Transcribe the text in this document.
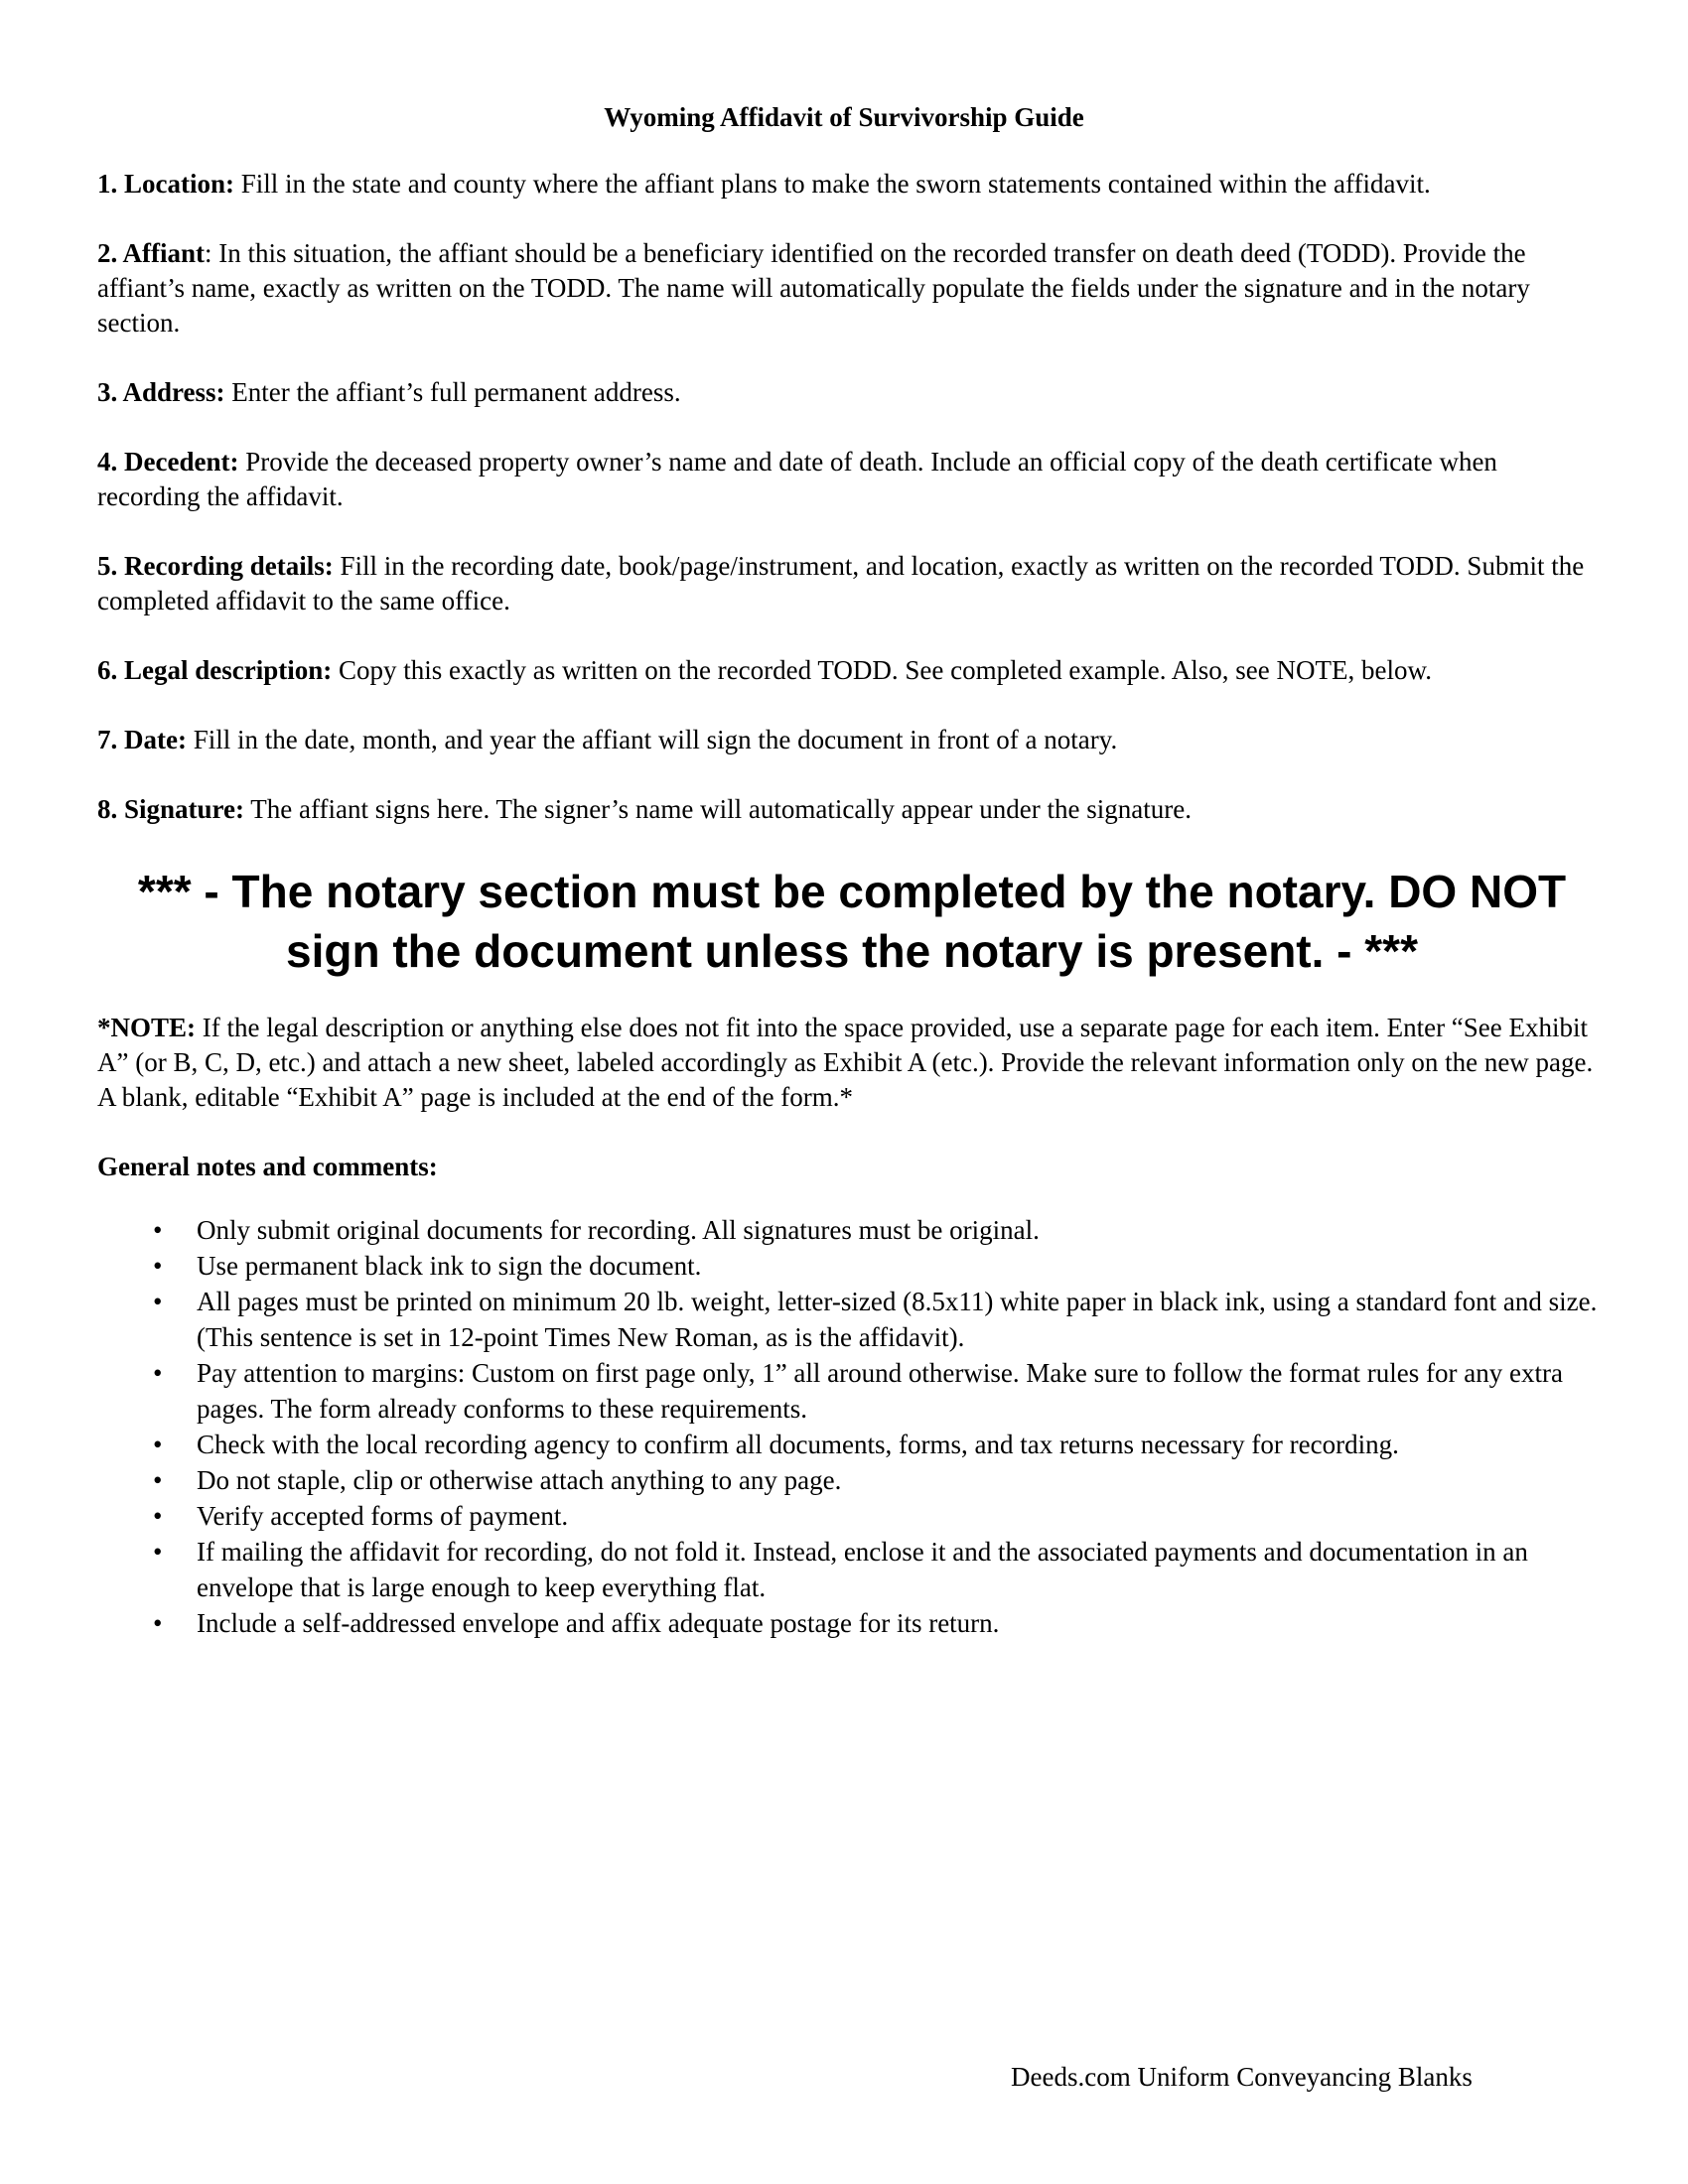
Wyoming Affidavit of Survivorship Guide

1. Location: Fill in the state and county where the affiant plans to make the sworn statements contained within the affidavit.

2. Affiant: In this situation, the affiant should be a beneficiary identified on the recorded transfer on death deed (TODD). Provide the affiant’s name, exactly as written on the TODD. The name will automatically populate the fields under the signature and in the notary section.

3. Address: Enter the affiant’s full permanent address.

4. Decedent: Provide the deceased property owner’s name and date of death. Include an official copy of the death certificate when recording the affidavit.

5. Recording details: Fill in the recording date, book/page/instrument, and location, exactly as written on the recorded TODD. Submit the completed affidavit to the same office.

6. Legal description: Copy this exactly as written on the recorded TODD. See completed example. Also, see NOTE, below.

7. Date: Fill in the date, month, and year the affiant will sign the document in front of a notary.

8. Signature: The affiant signs here. The signer’s name will automatically appear under the signature.

*** - The notary section must be completed by the notary. DO NOT
sign the document unless the notary is present. - ***

*NOTE: If the legal description or anything else does not fit into the space provided, use a separate page for each item. Enter “See Exhibit A” (or B, C, D, etc.) and attach a new sheet, labeled accordingly as Exhibit A (etc.). Provide the relevant information only on the new page. A blank, editable “Exhibit A” page is included at the end of the form.*

General notes and comments:
• Only submit original documents for recording. All signatures must be original.
• Use permanent black ink to sign the document.
• All pages must be printed on minimum 20 lb. weight, letter-sized (8.5x11) white paper in black ink, using a standard font and size. (This sentence is set in 12-point Times New Roman, as is the affidavit).
• Pay attention to margins: Custom on first page only, 1” all around otherwise. Make sure to follow the format rules for any extra pages. The form already conforms to these requirements.
• Check with the local recording agency to confirm all documents, forms, and tax returns necessary for recording.
• Do not staple, clip or otherwise attach anything to any page.
• Verify accepted forms of payment.
• If mailing the affidavit for recording, do not fold it. Instead, enclose it and the associated payments and documentation in an envelope that is large enough to keep everything flat.
• Include a self-addressed envelope and affix adequate postage for its return.
Deeds.com Uniform Conveyancing Blanks
